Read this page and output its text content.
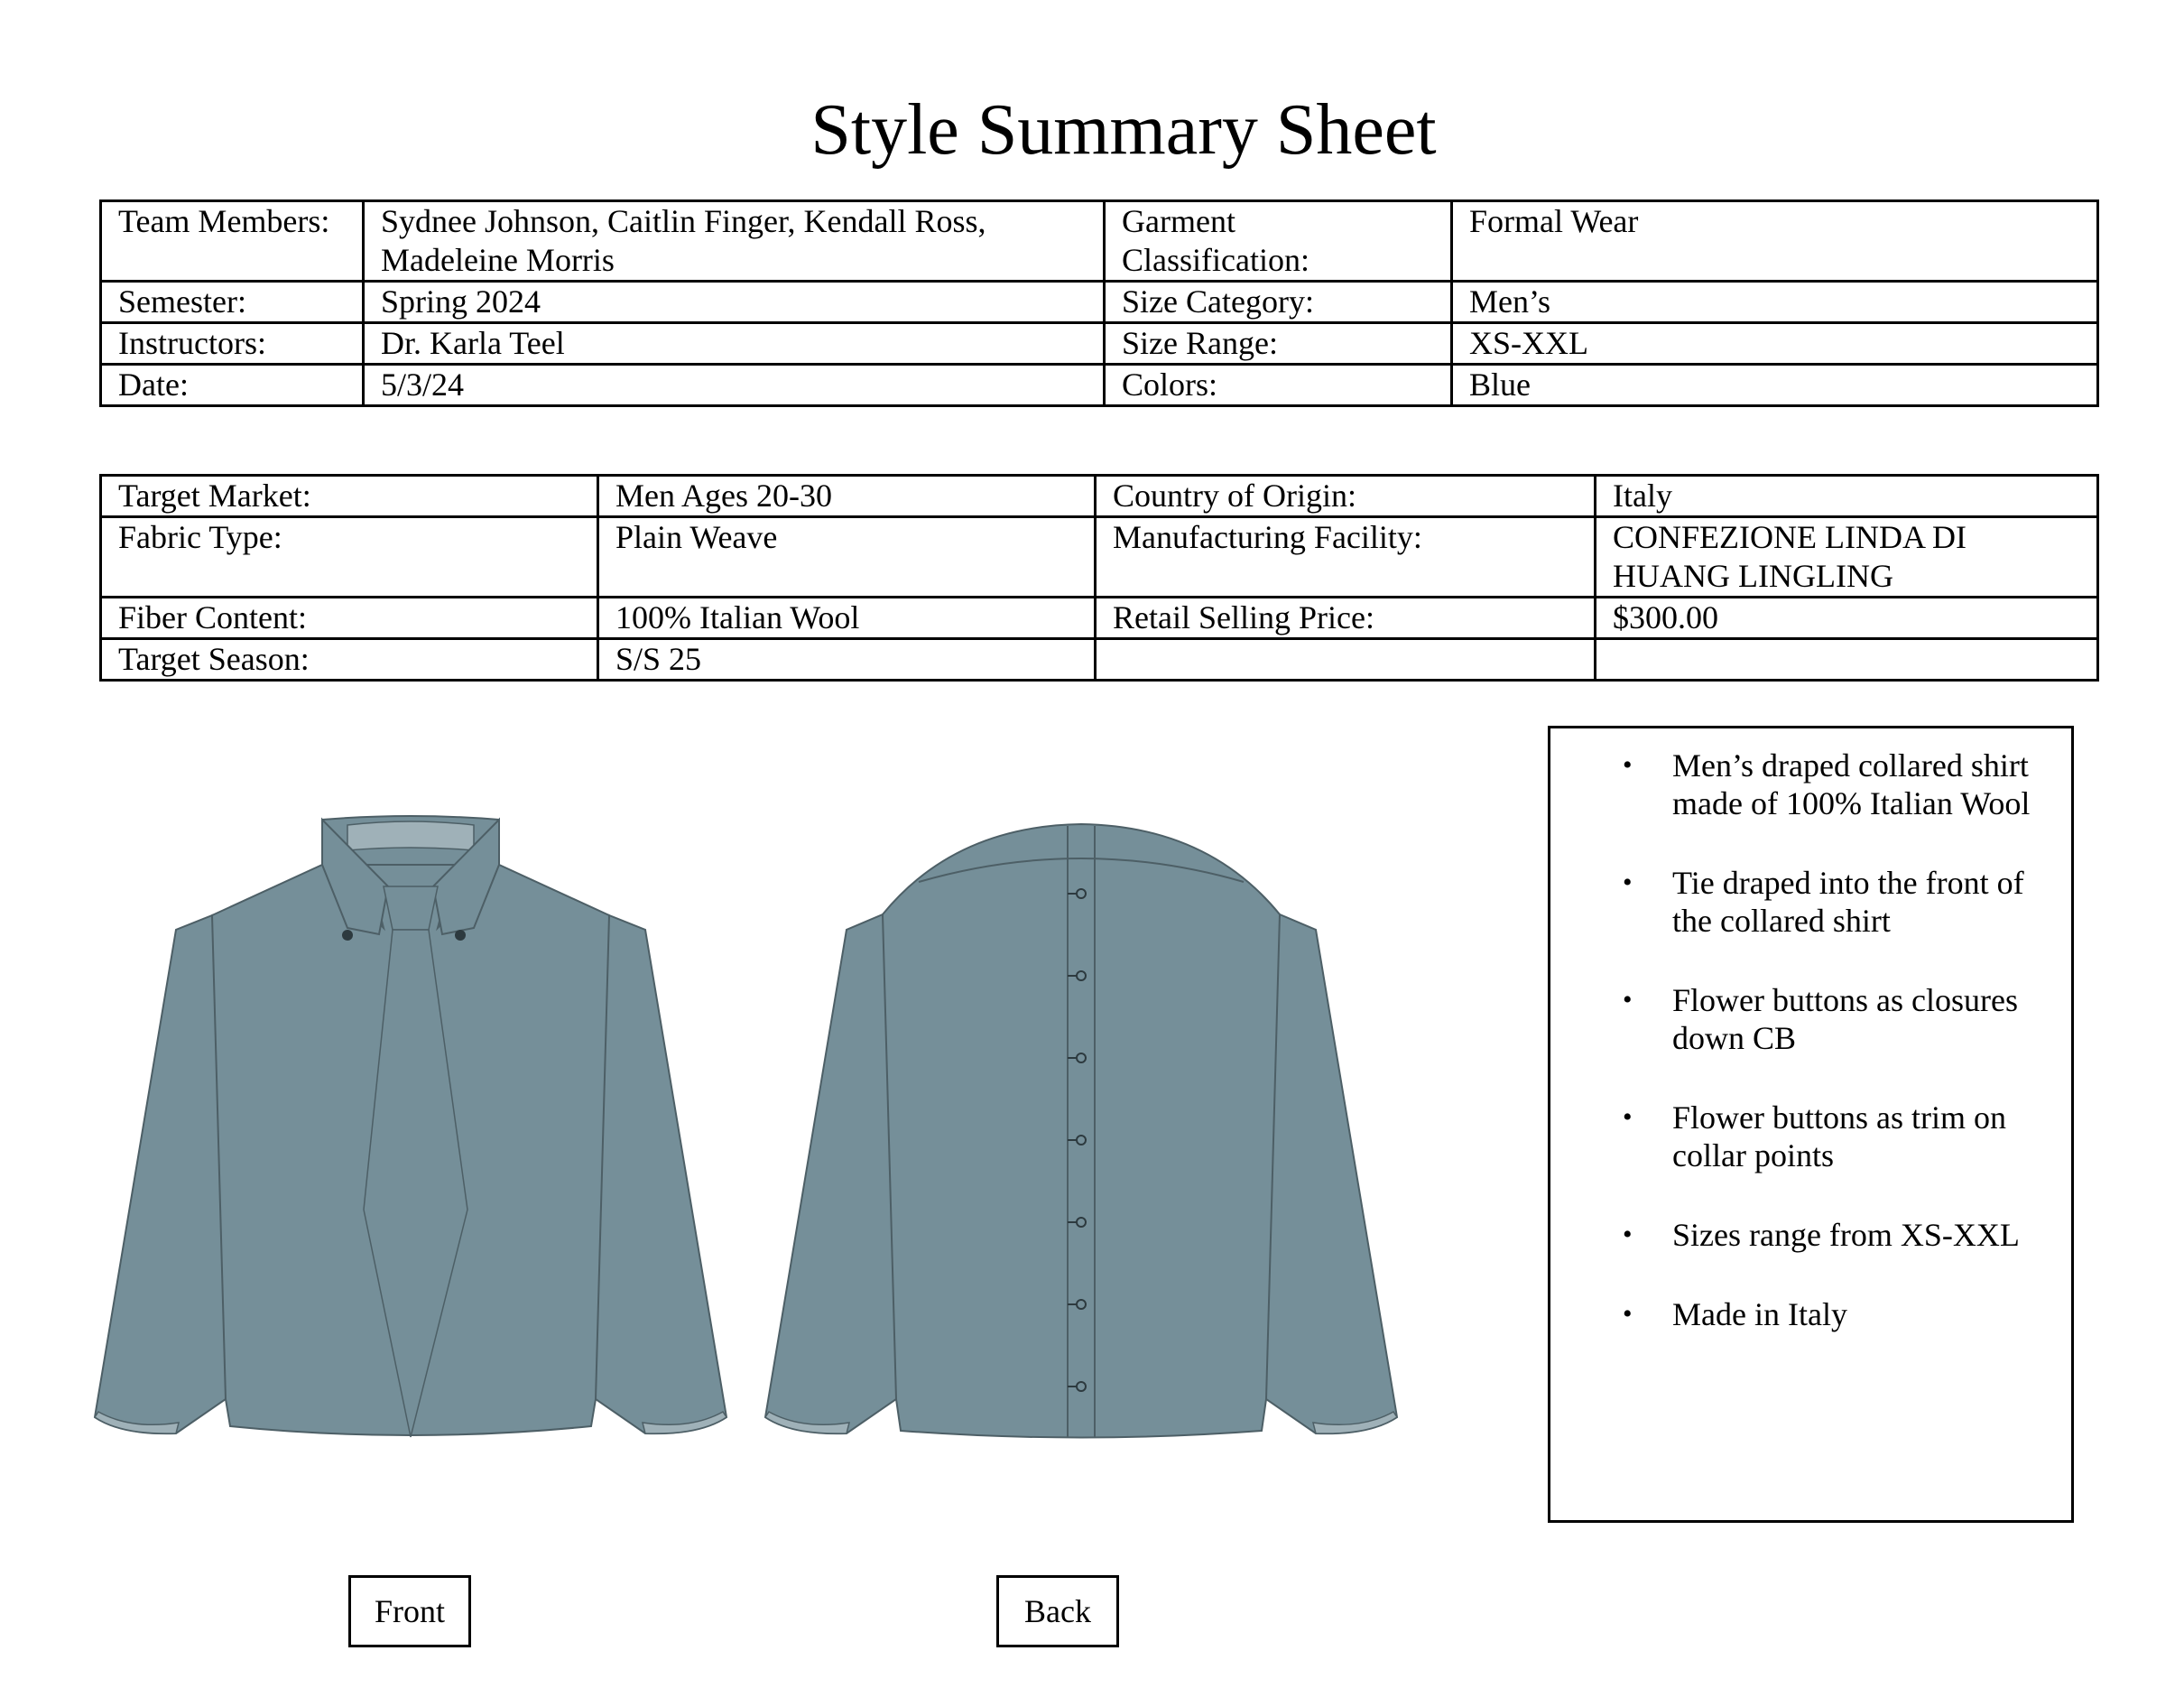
Style Summary Sheet
Team Members:	Sydnee Johnson, Caitlin Finger, Kendall Ross, Madeleine Morris	Garment Classification:	Formal Wear
Semester:	Spring 2024	Size Category:	Men’s
Instructors:	Dr. Karla Teel	Size Range:	XS-XXL
Date:	5/3/24	Colors:	Blue
Target Market:	Men Ages 20-30	Country of Origin:	Italy
Fabric Type:	Plain Weave	Manufacturing Facility:	CONFEZIONE LINDA DI HUANG LINGLING
Fiber Content:	100% Italian Wool	Retail Selling Price:	$300.00
Target Season:	S/S 25		
• Men’s draped collared shirt made of 100% Italian Wool
• Tie draped into the front of the collared shirt
• Flower buttons as closures down CB
• Flower buttons as trim on collar points
• Sizes range from XS-XXL
• Made in Italy
Front	Back
